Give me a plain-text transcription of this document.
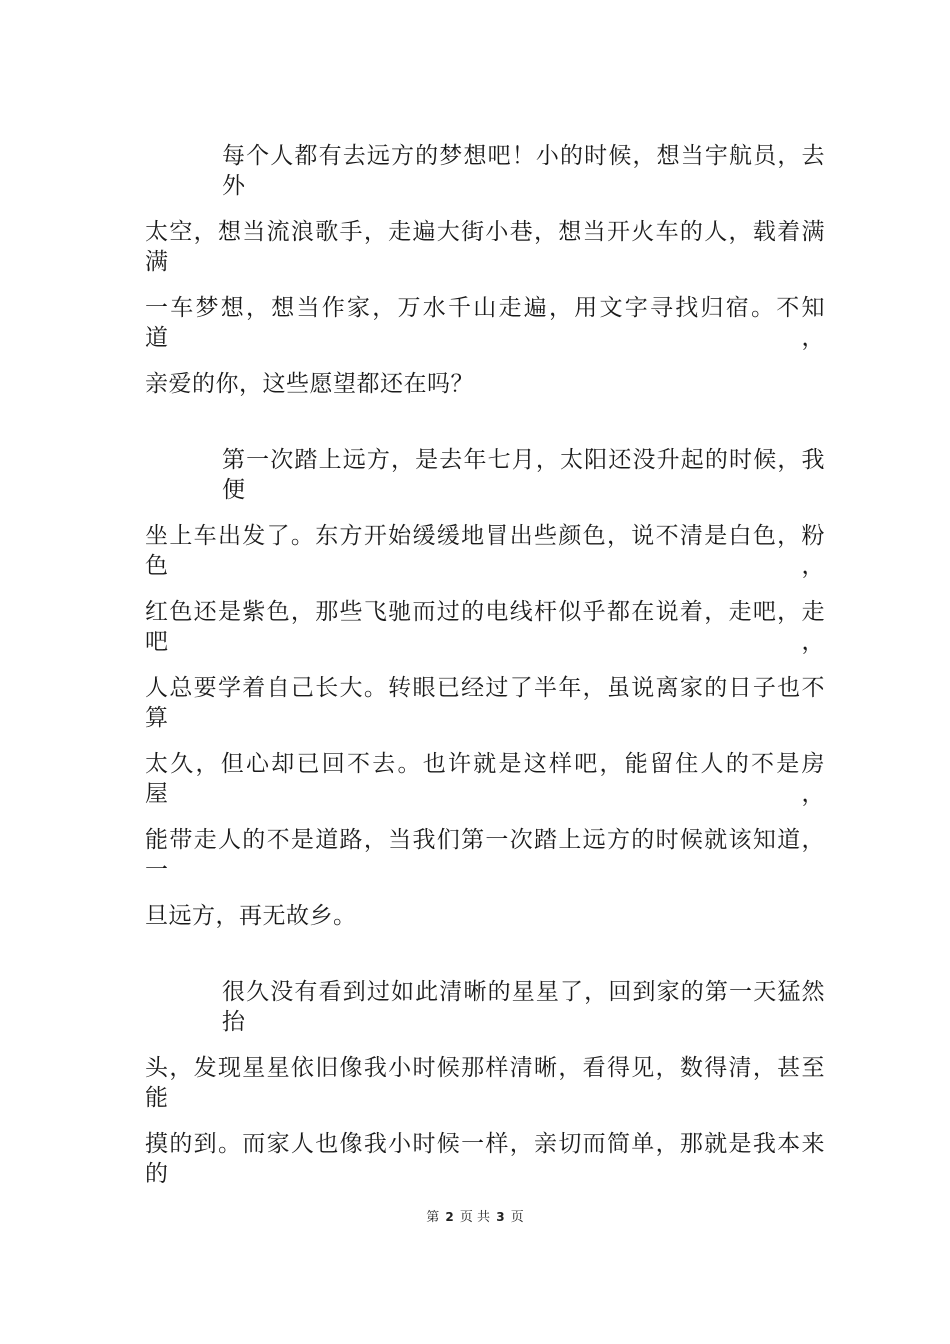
每个人都有去远方的梦想吧！小的时候，想当宇航员，去外
太空，想当流浪歌手，走遍大街小巷，想当开火车的人，载着满满
一车梦想，想当作家，万水千山走遍，用文字寻找归宿。不知道，
亲爱的你，这些愿望都还在吗？
第一次踏上远方，是去年七月，太阳还没升起的时候，我便
坐上车出发了。东方开始缓缓地冒出些颜色，说不清是白色，粉色，
红色还是紫色，那些飞驰而过的电线杆似乎都在说着，走吧，走吧，
人总要学着自己长大。转眼已经过了半年，虽说离家的日子也不算
太久，但心却已回不去。也许就是这样吧，能留住人的不是房屋，
能带走人的不是道路，当我们第一次踏上远方的时候就该知道，一
旦远方，再无故乡。
很久没有看到过如此清晰的星星了，回到家的第一天猛然抬
头，发现星星依旧像我小时候那样清晰，看得见，数得清，甚至能
摸的到。而家人也像我小时候一样，亲切而简单，那就是我本来的
第 2 页 共 3 页
